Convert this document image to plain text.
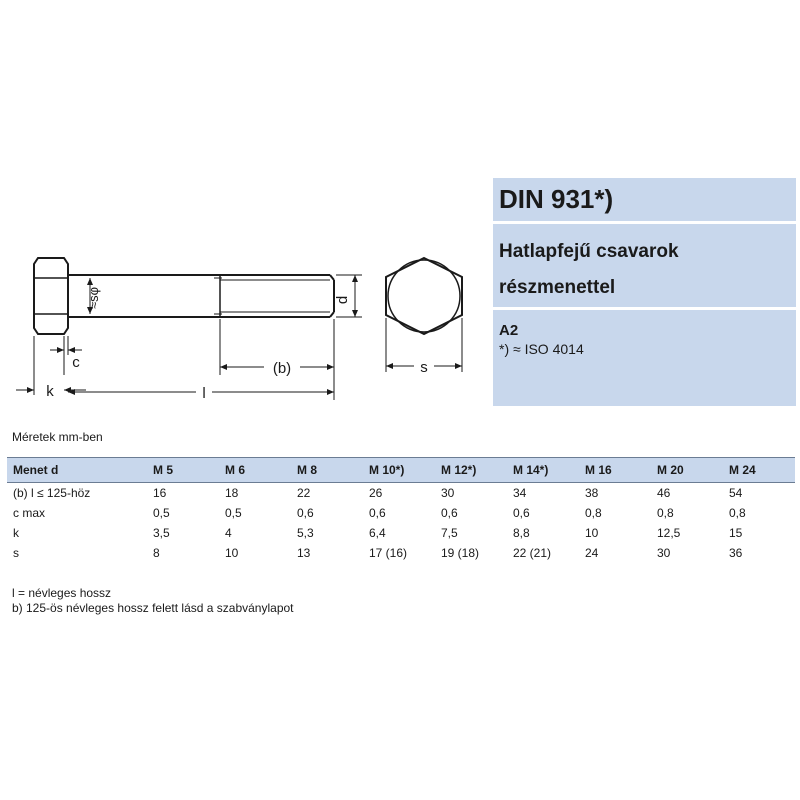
≈sφ	d
c
k
(b)
l
s
DIN 931*)
Hatlapfejű csavarok
részmenettel
A2
*) ≈ ISO 4014
Méretek mm-ben
Menet d	M 5	M 6	M 8	M 10*)	M 12*)	M 14*)	M 16	M 20	M 24
(b) l ≤ 125-höz	16	18	22	26	30	34	38	46	54
c max	0,5	0,5	0,6	0,6	0,6	0,6	0,8	0,8	0,8
k	3,5	4	5,3	6,4	7,5	8,8	10	12,5	15
s	8	10	13	17 (16)	19 (18)	22 (21)	24	30	36
l = névleges hossz
b) 125-ös névleges hossz felett lásd a szabványlapot
